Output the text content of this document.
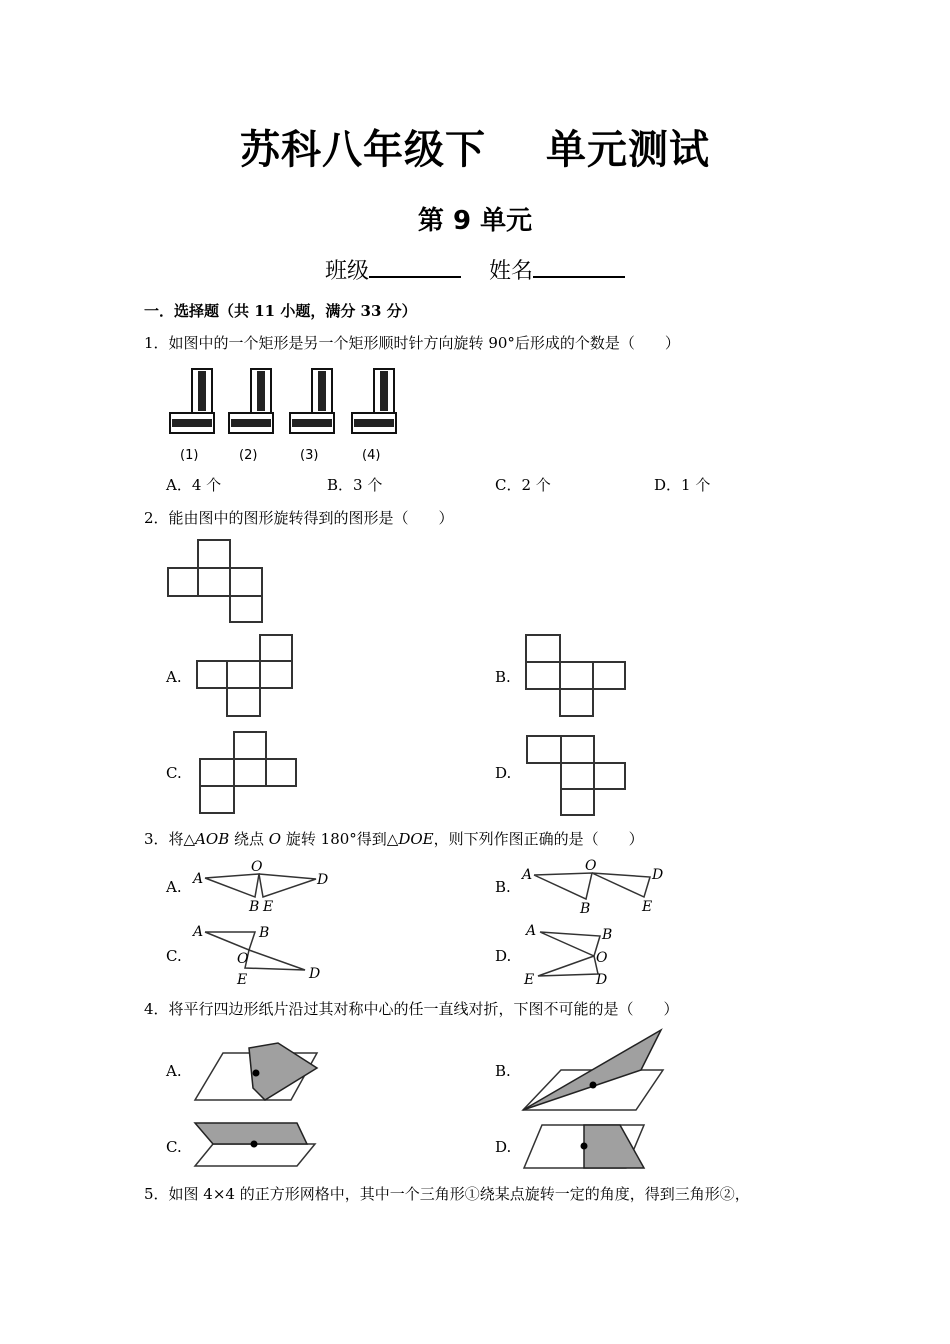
苏科八年级下 单元测试
第 9 单元
班级	姓名
一．选择题（共 11 小题，满分 33 分）
1．如图中的一个矩形是另一个矩形顺时针方向旋转 90°后形成的个数是（　　）
(1)	(2)	(3)	(4)
A．4 个	B．3 个	C．2 个	D．1 个
2．能由图中的图形旋转得到的图形是（　　）
A.	B.
C.	D.
3．将△AOB 绕点 O 旋转 180°得到△DOE，则下列作图正确的是（　　）
A. A
O
D
B E
B.
A
O
D
B	E
C.
A	B
O
D
E
D.
A	B
O
D
E
4．将平行四边形纸片沿过其对称中心的任一直线对折，下图不可能的是（　　）
A.	B.
C.	D.
5．如图 4×4 的正方形网格中，其中一个三角形①绕某点旋转一定的角度，得到三角形②，
